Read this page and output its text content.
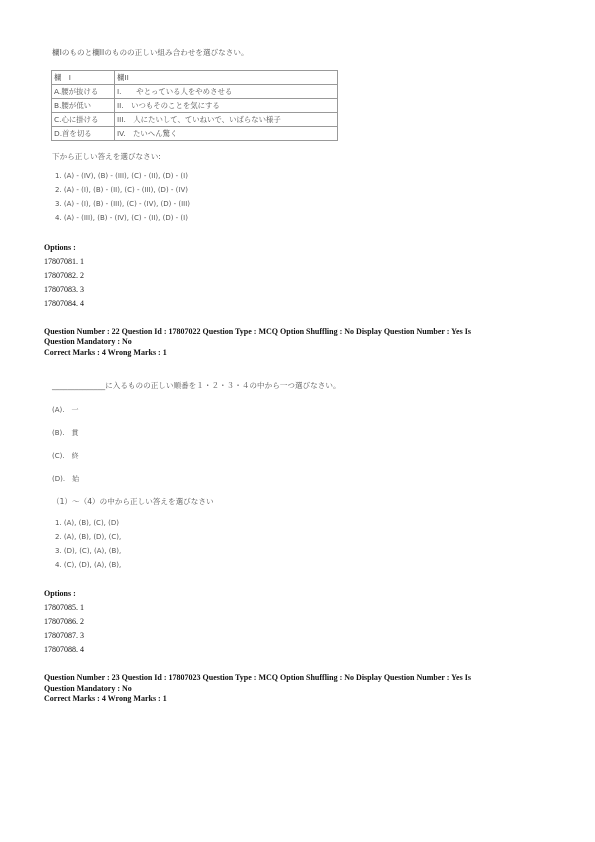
欄Iのものと欄IIのものの正しい組み合わせを選びなさい。
欄　I	欄II
A.腰が抜ける	I.　　やとっている人をやめさせる
B.腰が低い	II.　いつもそのことを気にする
C.心に掛ける	III.　人にたいして、ていねいで、いばらない様子
D.首を切る	IV.　たいへん驚く
下から正しい答えを選びなさい:
1. (A) - (IV), (B) - (III), (C) - (II), (D) - (I)
2. (A) - (I), (B) - (II), (C) - (III), (D) - (IV)
3. (A) - (I), (B) - (III), (C) - (IV), (D) - (III)
4. (A) - (III), (B) - (IV), (C) - (II), (D) - (I)
Options :
17807081. 1
17807082. 2
17807083. 3
17807084. 4
Question Number : 22 Question Id : 17807022 Question Type : MCQ Option Shuffling : No Display Question Number : Yes Is
Question Mandatory : No
Correct Marks : 4 Wrong Marks : 1
______________に入るものの正しい順番を１・２・３・４の中から一つ選びなさい。
(A).　一
(B).　貫
(C).　終
(D).　始
（1）～（4）の中から正しい答えを選びなさい
1. (A), (B), (C), (D)
2. (A), (B), (D), (C),
3. (D), (C), (A), (B),
4. (C), (D), (A), (B),
Options :
17807085. 1
17807086. 2
17807087. 3
17807088. 4
Question Number : 23 Question Id : 17807023 Question Type : MCQ Option Shuffling : No Display Question Number : Yes Is
Question Mandatory : No
Correct Marks : 4 Wrong Marks : 1
